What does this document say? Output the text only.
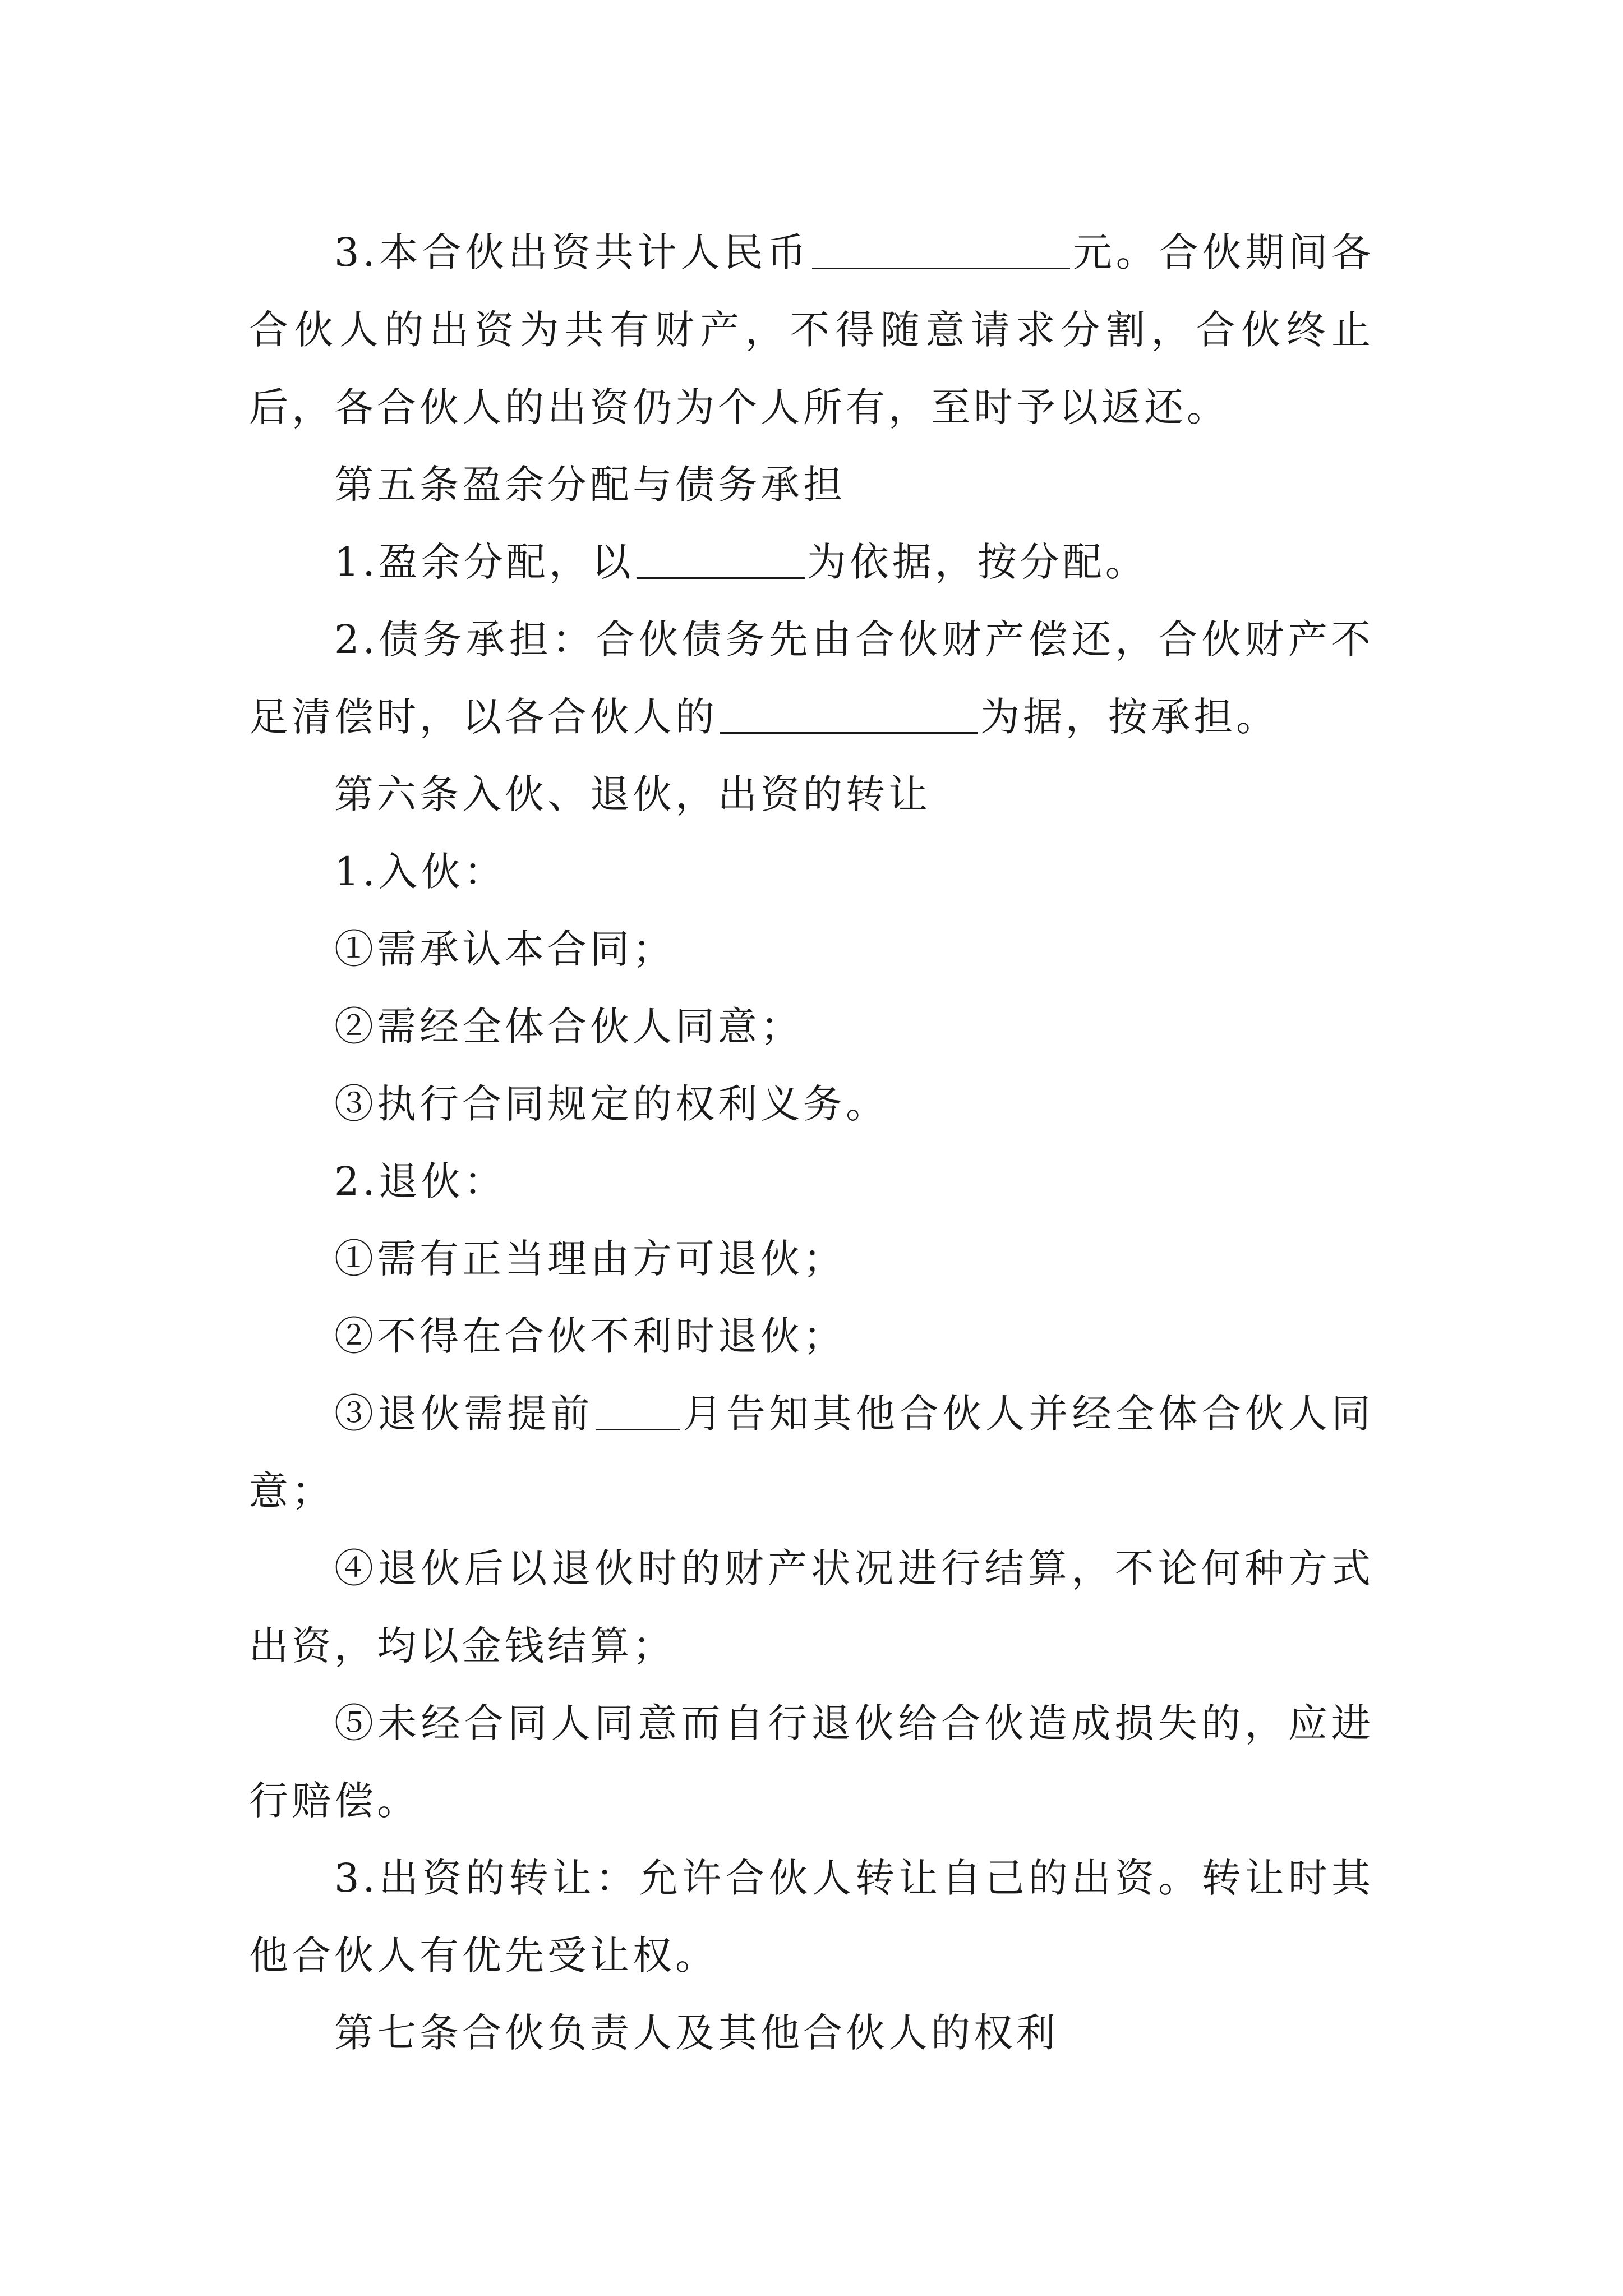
3.本合伙出资共计人民币	元。合伙期间各合伙人的出资为共有财产，不得随意请求分割，合伙终止后，各合伙人的出资仍为个人所有，至时予以返还。

第五条盈余分配与债务承担

1.盈余分配，以	为依据，按分配。

2.债务承担：合伙债务先由合伙财产偿还，合伙财产不足清偿时，以各合伙人的	为据，按承担。

第六条入伙、退伙，出资的转让

1.入伙：

①需承认本合同；

②需经全体合伙人同意；

③执行合同规定的权利义务。

2.退伙：

①需有正当理由方可退伙；

②不得在合伙不利时退伙；

③退伙需提前 月告知其他合伙人并经全体合伙人同意；

④退伙后以退伙时的财产状况进行结算，不论何种方式出资，均以金钱结算；

⑤未经合同人同意而自行退伙给合伙造成损失的，应进行赔偿。

3.出资的转让：允许合伙人转让自己的出资。转让时其他合伙人有优先受让权。

第七条合伙负责人及其他合伙人的权利
